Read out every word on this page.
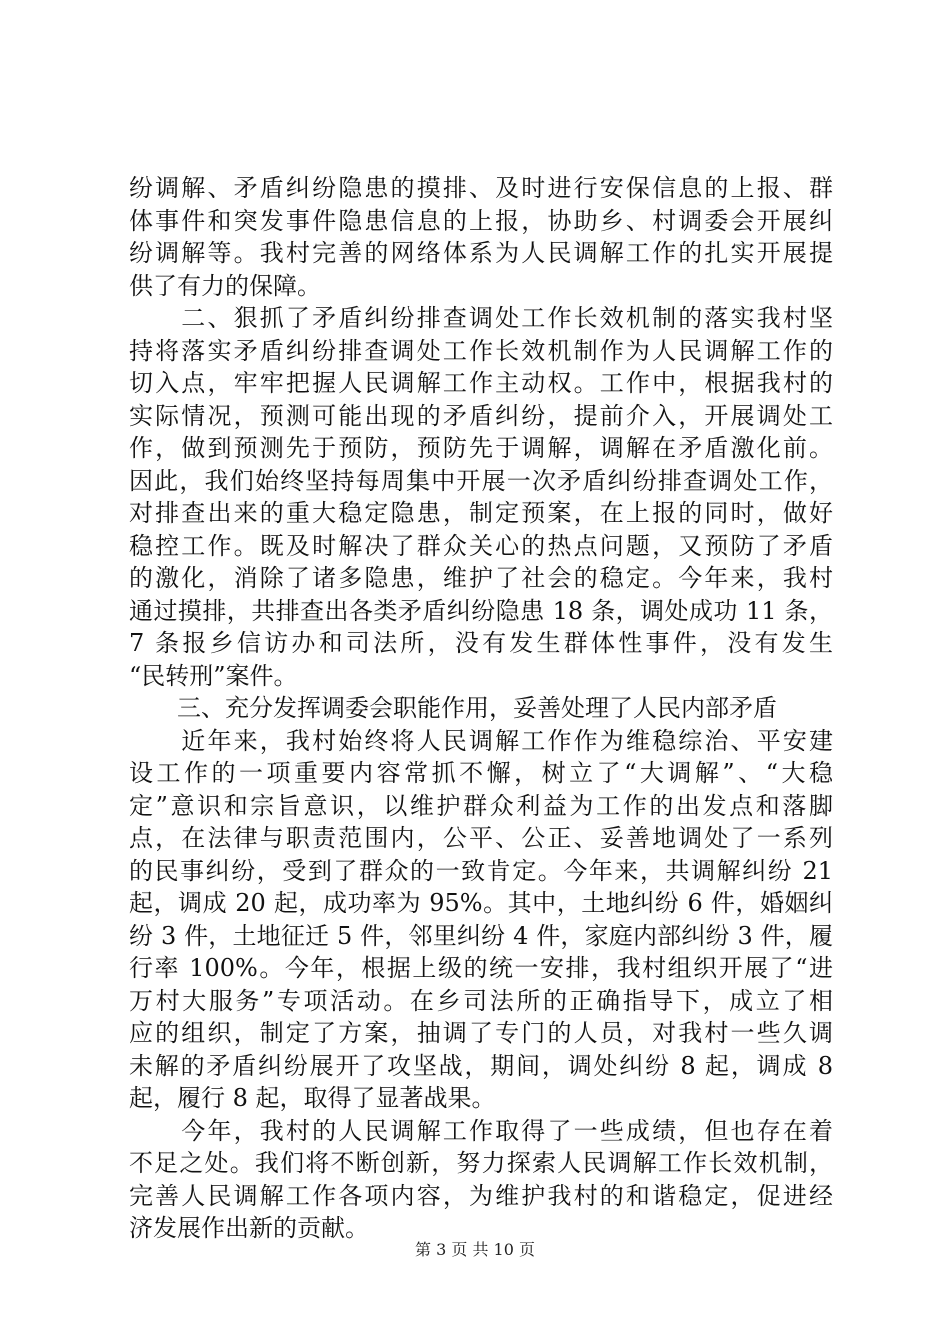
纷调解、矛盾纠纷隐患的摸排、及时进行安保信息的上报、群
体事件和突发事件隐患信息的上报，协助乡、村调委会开展纠
纷调解等。我村完善的网络体系为人民调解工作的扎实开展提
供了有力的保障。
　　二、狠抓了矛盾纠纷排查调处工作长效机制的落实我村坚
持将落实矛盾纠纷排查调处工作长效机制作为人民调解工作的
切入点，牢牢把握人民调解工作主动权。工作中，根据我村的
实际情况，预测可能出现的矛盾纠纷，提前介入，开展调处工
作，做到预测先于预防，预防先于调解，调解在矛盾激化前。
因此，我们始终坚持每周集中开展一次矛盾纠纷排查调处工作，
对排查出来的重大稳定隐患，制定预案，在上报的同时，做好
稳控工作。既及时解决了群众关心的热点问题，又预防了矛盾
的激化，消除了诸多隐患，维护了社会的稳定。今年来，我村
通过摸排，共排查出各类矛盾纠纷隐患 18 条，调处成功 11 条，
7 条报乡信访办和司法所，没有发生群体性事件，没有发生
“民转刑”案件。
　　三、充分发挥调委会职能作用，妥善处理了人民内部矛盾
　　近年来，我村始终将人民调解工作作为维稳综治、平安建
设工作的一项重要内容常抓不懈，树立了“大调解”、“大稳
定”意识和宗旨意识，以维护群众利益为工作的出发点和落脚
点，在法律与职责范围内，公平、公正、妥善地调处了一系列
的民事纠纷，受到了群众的一致肯定。今年来，共调解纠纷 21
起，调成 20 起，成功率为 95%。其中，土地纠纷 6 件，婚姻纠
纷 3 件，土地征迁 5 件，邻里纠纷 4 件，家庭内部纠纷 3 件，履
行率 100%。今年，根据上级的统一安排，我村组织开展了“进
万村大服务”专项活动。在乡司法所的正确指导下，成立了相
应的组织，制定了方案，抽调了专门的人员，对我村一些久调
未解的矛盾纠纷展开了攻坚战，期间，调处纠纷 8 起，调成 8
起，履行 8 起，取得了显著战果。
　　今年，我村的人民调解工作取得了一些成绩，但也存在着
不足之处。我们将不断创新，努力探索人民调解工作长效机制，
完善人民调解工作各项内容，为维护我村的和谐稳定，促进经
济发展作出新的贡献。
第 3 页 共 10 页
